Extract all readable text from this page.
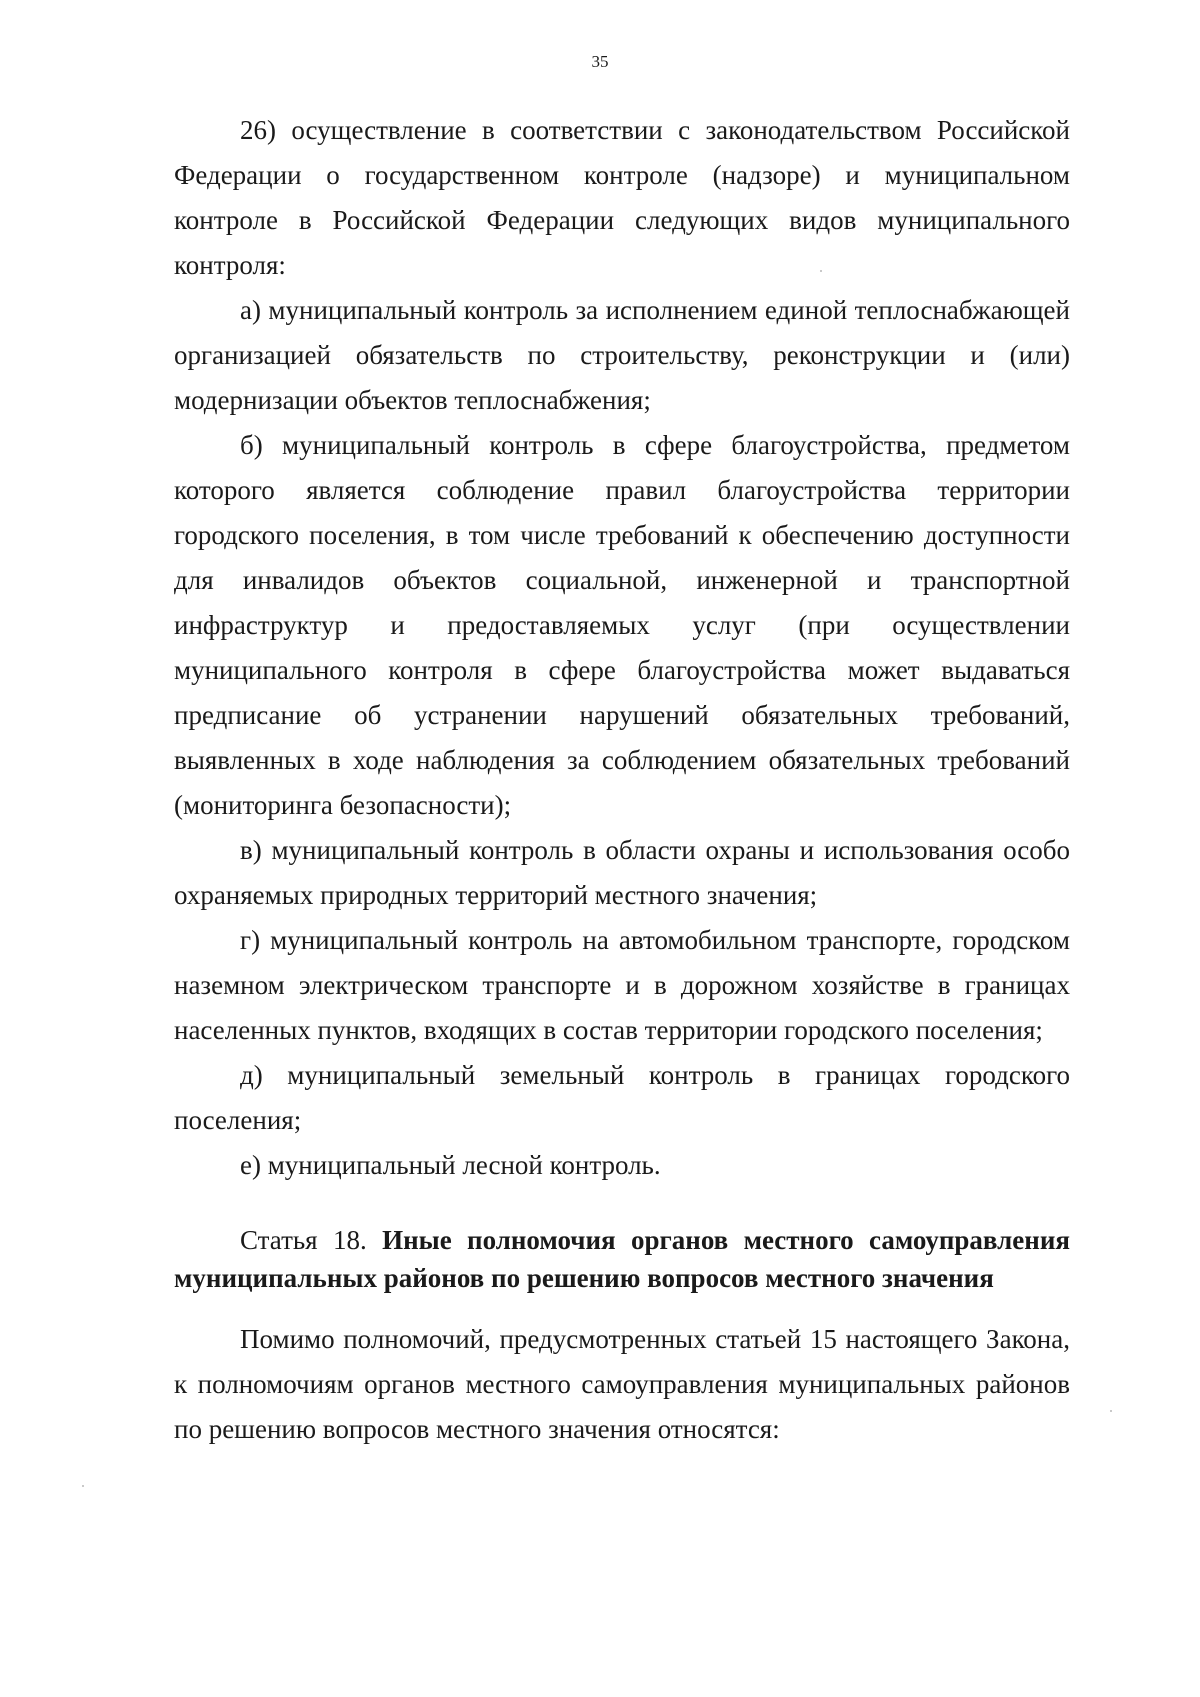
35

26) осуществление в соответствии с законодательством Российской Федерации о государственном контроле (надзоре) и муниципальном контроле в Российской Федерации следующих видов муниципального контроля:

а) муниципальный контроль за исполнением единой теплоснабжающей организацией обязательств по строительству, реконструкции и (или) модернизации объектов теплоснабжения;

б) муниципальный контроль в сфере благоустройства, предметом которого является соблюдение правил благоустройства территории городского поселения, в том числе требований к обеспечению доступности для инвалидов объектов социальной, инженерной и транспортной инфраструктур и предоставляемых услуг (при осуществлении муниципального контроля в сфере благоустройства может выдаваться предписание об устранении нарушений обязательных требований, выявленных в ходе наблюдения за соблюдением обязательных требований (мониторинга безопасности);

в) муниципальный контроль в области охраны и использования особо охраняемых природных территорий местного значения;

г) муниципальный контроль на автомобильном транспорте, городском наземном электрическом транспорте и в дорожном хозяйстве в границах населенных пунктов, входящих в состав территории городского поселения;

д) муниципальный земельный контроль в границах городского поселения;

е) муниципальный лесной контроль.

Статья 18. Иные полномочия органов местного самоуправления муниципальных районов по решению вопросов местного значения

Помимо полномочий, предусмотренных статьей 15 настоящего Закона, к полномочиям органов местного самоуправления муниципальных районов по решению вопросов местного значения относятся:
